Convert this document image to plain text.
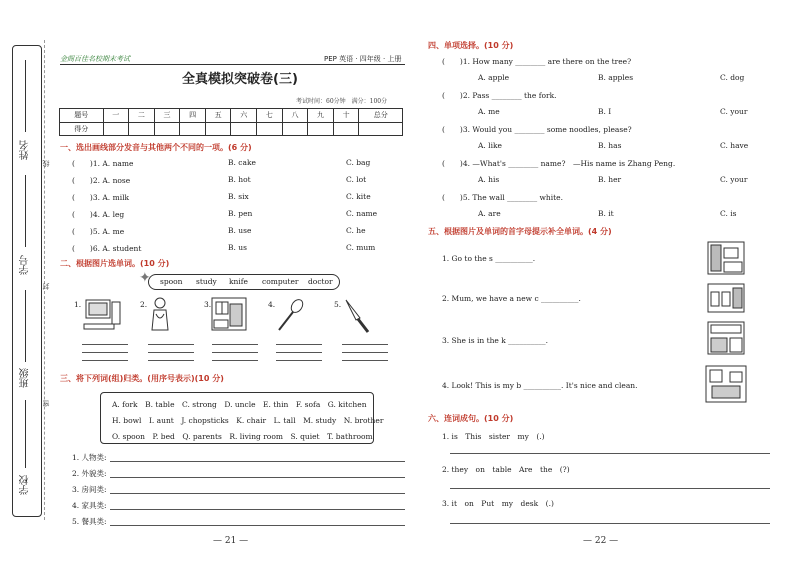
姓名
学号
班级
学校
线
封
密
金阁百佳名校期末考试	PEP 英语 · 四年级 · 上册
全真模拟突破卷(三)
考试时间：60分钟　满分：100分
题号	一	二	三	四	五	六	七	八	九	十	总分
得分											
一、选出画线部分发音与其他两个不同的一项。(6 分)
(　　)1. A. name	B. cake	C. bag
(　　)2. A. nose	B. hot	C. lot
(　　)3. A. milk	B. six	C. kite
(　　)4. A. leg	B. pen	C. name
(　　)5. A. me	B. use	C. he
(　　)6. A. student	B. us	C. mum
二、根据图片选单词。(10 分)
✦ spoon study knife computer doctor
1.	2.	3.	4.	5.
三、将下列词(组)归类。(用序号表示)(10 分)
A. fork　B. table　C. strong　D. uncle　E. thin　F. sofa　G. kitchen
H. bowl　I. aunt　J. chopsticks　K. chair　L. tall　M. study　N. brother
O. spoon　P. bed　Q. parents　R. living room　S. quiet　T. bathroom
1. 人物类:
2. 外貌类:
3. 房间类:
4. 家具类:
5. 餐具类:
— 21 —
四、单项选择。(10 分)
(　　)1. How many ________ are there on the tree?
A. apple	B. apples	C. dog
(　　)2. Pass ________ the fork.
A. me	B. I	C. your
(　　)3. Would you ________ some noodles, please?
A. like	B. has	C. have
(　　)4. —What's ________ name?　—His name is Zhang Peng.
A. his	B. her	C. your
(　　)5. The wall ________ white.
A. are	B. it	C. is
五、根据图片及单词的首字母提示补全单词。(4 分)
1. Go to the s __________.
2. Mum, we have a new c __________.
3. She is in the k __________.
4. Look! This is my b __________. It's nice and clean.
六、连词成句。(10 分)
1. is　This　sister　my　(.)
2. they　on　table　Are　the　(?)
3. it　on　Put　my　desk　(.)
— 22 —
